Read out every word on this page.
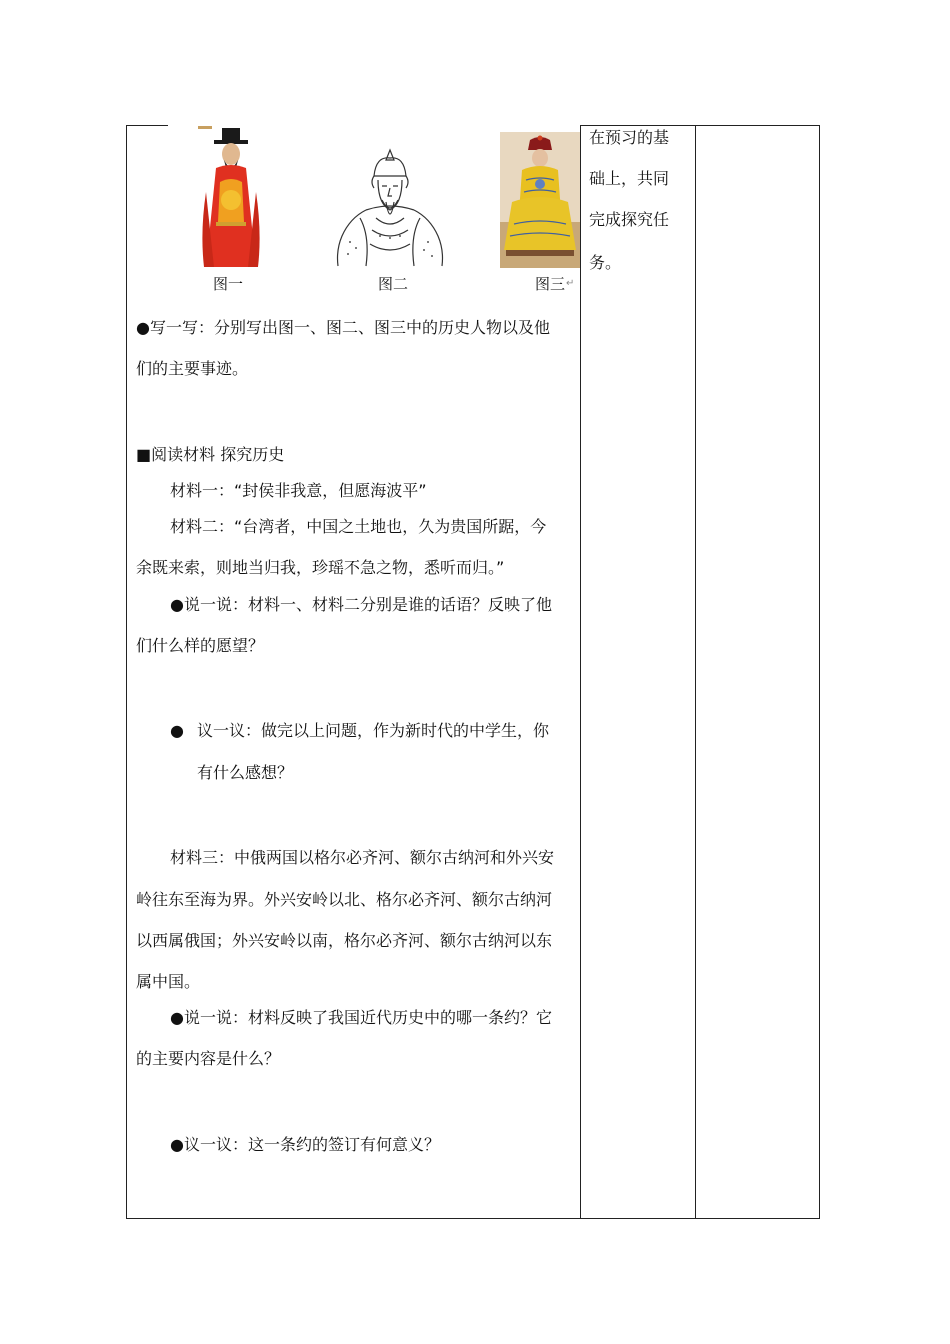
图一	图二	图三 ↵
在预习的基
础上，共同
完成探究任
务。
●写一写：分别写出图一、图二、图三中的历史人物以及他
们的主要事迹。
■阅读材料 探究历史
材料一：“封侯非我意，但愿海波平”
材料二：“台湾者，中国之土地也，久为贵国所踞，今
余既来索，则地当归我，珍瑶不急之物，悉听而归。”
●说一说：材料一、材料二分别是谁的话语？反映了他
们什么样的愿望？
● 议一议：做完以上问题，作为新时代的中学生，你
有什么感想？
材料三：中俄两国以格尔必齐河、额尔古纳河和外兴安
岭往东至海为界。外兴安岭以北、格尔必齐河、额尔古纳河
以西属俄国；外兴安岭以南，格尔必齐河、额尔古纳河以东
属中国。
●说一说：材料反映了我国近代历史中的哪一条约？它
的主要内容是什么？
●议一议：这一条约的签订有何意义？
